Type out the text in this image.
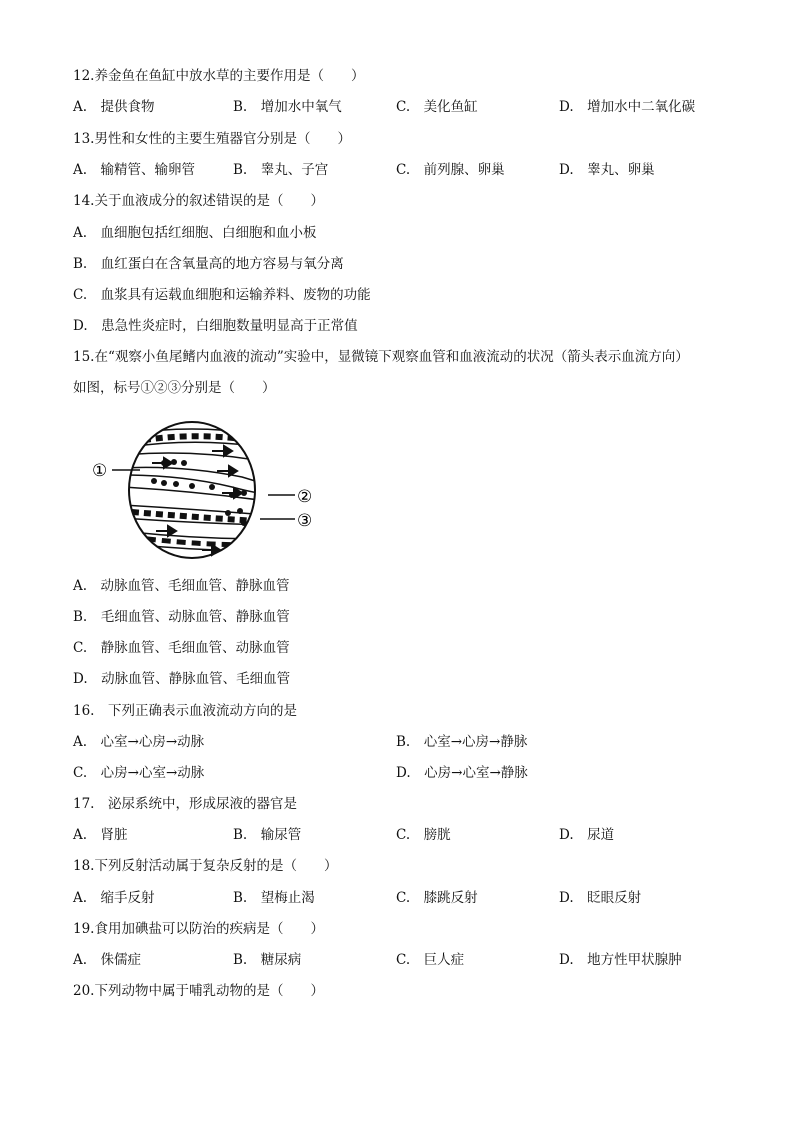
12.养金鱼在鱼缸中放水草的主要作用是（　　）
A.　提供食物	B.　增加水中氧气	C.　美化鱼缸	D.　增加水中二氧化碳
13.男性和女性的主要生殖器官分别是（　　）
A.　输精管、输卵管	B.　睾丸、子宫	C.　前列腺、卵巢	D.　睾丸、卵巢
14.关于血液成分的叙述错误的是（　　）
A.　血细胞包括红细胞、白细胞和血小板
B.　血红蛋白在含氧量高的地方容易与氧分离
C.　血浆具有运载血细胞和运输养料、废物的功能
D.　患急性炎症时，白细胞数量明显高于正常值
15.在“观察小鱼尾鳍内血液的流动”实验中，显微镜下观察血管和血液流动的状况（箭头表示血流方向）
如图，标号①②③分别是（　　）
①
②
③
A.　动脉血管、毛细血管、静脉血管
B.　毛细血管、动脉血管、静脉血管
C.　静脉血管、毛细血管、动脉血管
D.　动脉血管、静脉血管、毛细血管
16.　下列正确表示血液流动方向的是
A.　心室→心房→动脉	B.　心室→心房→静脉
C.　心房→心室→动脉	D.　心房→心室→静脉
17.　泌尿系统中，形成尿液的器官是
A.　肾脏	B.　输尿管	C.　膀胱	D.　尿道
18.下列反射活动属于复杂反射的是（　　）
A.　缩手反射	B.　望梅止渴	C.　膝跳反射	D.　眨眼反射
19.食用加碘盐可以防治的疾病是（　　）
A.　侏儒症	B.　糖尿病	C.　巨人症	D.　地方性甲状腺肿
20.下列动物中属于哺乳动物的是（　　）
